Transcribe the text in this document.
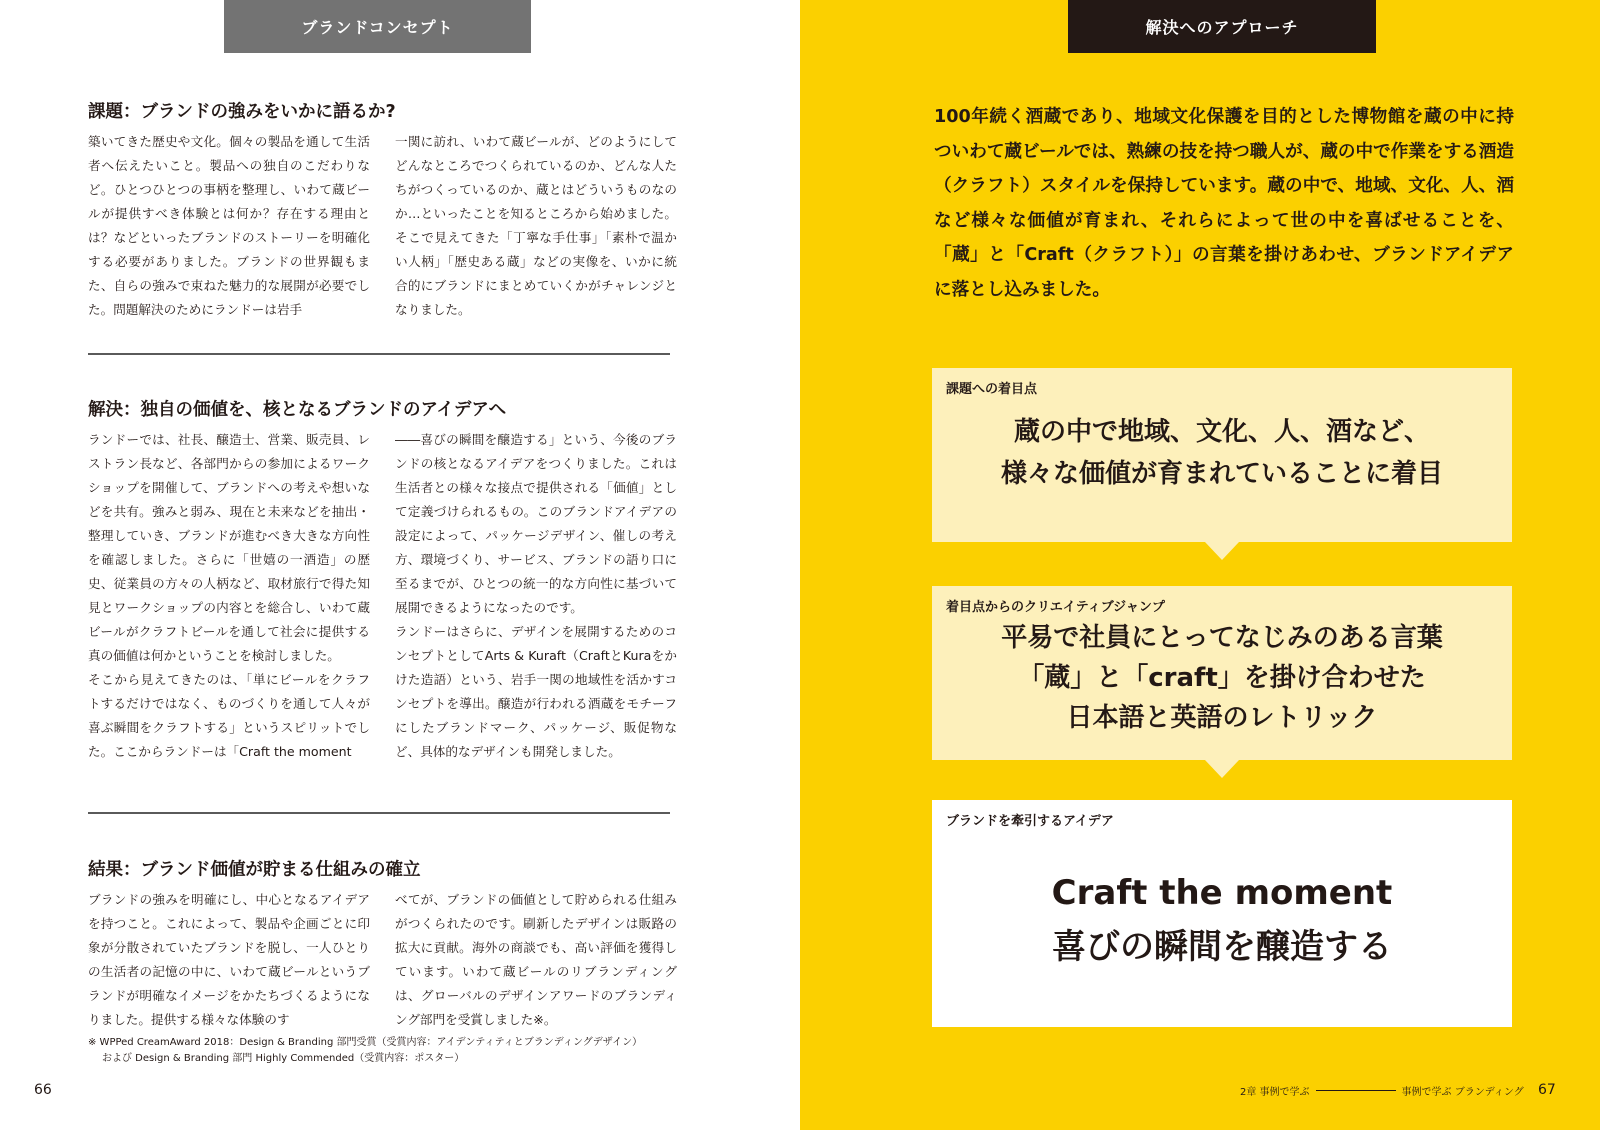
ブランドコンセプト
課題：ブランドの強みをいかに語るか?

築いてきた歴史や文化。個々の製品を通して生活者へ伝えたいこと。製品への独自のこだわりなど。ひとつひとつの事柄を整理し、いわて蔵ビールが提供すべき体験とは何か？存在する理由とは？などといったブランドのストーリーを明確化する必要がありました。ブランドの世界観もまた、自らの強みで束ねた魅力的な展開が必要でした。問題解決のためにランドーは岩手

一関に訪れ、いわて蔵ビールが、どのようにしてどんなところでつくられているのか、どんな人たちがつくっているのか、蔵とはどういうものなのか…といったことを知るところから始めました。そこで見えてきた「丁寧な手仕事」「素朴で温かい人柄」「歴史ある蔵」などの実像を、いかに統合的にブランドにまとめていくかがチャレンジとなりました。

解決：独自の価値を、核となるブランドのアイデアへ

ランドーでは、社長、醸造士、営業、販売員、レストラン長など、各部門からの参加によるワークショップを開催して、ブランドへの考えや想いなどを共有。強みと弱み、現在と未来などを抽出・整理していき、ブランドが進むべき大きな方向性を確認しました。さらに「世嬉の一酒造」の歴史、従業員の方々の人柄など、取材旅行で得た知見とワークショップの内容とを総合し、いわて蔵ビールがクラフトビールを通して社会に提供する真の価値は何かということを検討しました。
そこから見えてきたのは、「単にビールをクラフトするだけではなく、ものづくりを通して人々が喜ぶ瞬間をクラフトする」というスピリットでした。ここからランドーは「Craft the moment

――喜びの瞬間を醸造する」という、今後のブランドの核となるアイデアをつくりました。これは生活者との様々な接点で提供される「価値」として定義づけられるもの。このブランドアイデアの設定によって、パッケージデザイン、催しの考え方、環境づくり、サービス、ブランドの語り口に至るまでが、ひとつの統一的な方向性に基づいて展開できるようになったのです。
ランドーはさらに、デザインを展開するためのコンセプトとしてArts & Kuraft（CraftとKuraをかけた造語）という、岩手一関の地域性を活かすコンセプトを導出。醸造が行われる酒蔵をモチーフにしたブランドマーク、パッケージ、販促物など、具体的なデザインも開発しました。

結果：ブランド価値が貯まる仕組みの確立

ブランドの強みを明確にし、中心となるアイデアを持つこと。これによって、製品や企画ごとに印象が分散されていたブランドを脱し、一人ひとりの生活者の記憶の中に、いわて蔵ビールというブランドが明確なイメージをかたちづくるようになりました。提供する様々な体験のす

べてが、ブランドの価値として貯められる仕組みがつくられたのです。刷新したデザインは販路の拡大に貢献。海外の商談でも、高い評価を獲得しています。いわて蔵ビールのリブランディングは、グローバルのデザインアワードのブランディング部門を受賞しました※。

※ WPPed CreamAward 2018：Design & Branding 部門受賞（受賞内容：アイデンティティとブランディングデザイン）
および Design & Branding 部門 Highly Commended（受賞内容：ポスター）
66
解決へのアプローチ

100年続く酒蔵であり、地域文化保護を目的とした博物館を蔵の中に持ついわて蔵ビールでは、熟練の技を持つ職人が、蔵の中で作業をする酒造（クラフト）スタイルを保持しています。蔵の中で、地域、文化、人、酒など様々な価値が育まれ、それらによって世の中を喜ばせることを、「蔵」と「Craft（クラフト）」の言葉を掛けあわせ、ブランドアイデアに落とし込みました。

課題への着目点
蔵の中で地域、文化、人、酒など、
様々な価値が育まれていることに着目
着目点からのクリエイティブジャンプ
平易で社員にとってなじみのある言葉
「蔵」と「craft」を掛け合わせた
日本語と英語のレトリック
ブランドを牽引するアイデア
Craft the moment
喜びの瞬間を醸造する
2章 事例で学ぶ	事例で学ぶ ブランディング 67
